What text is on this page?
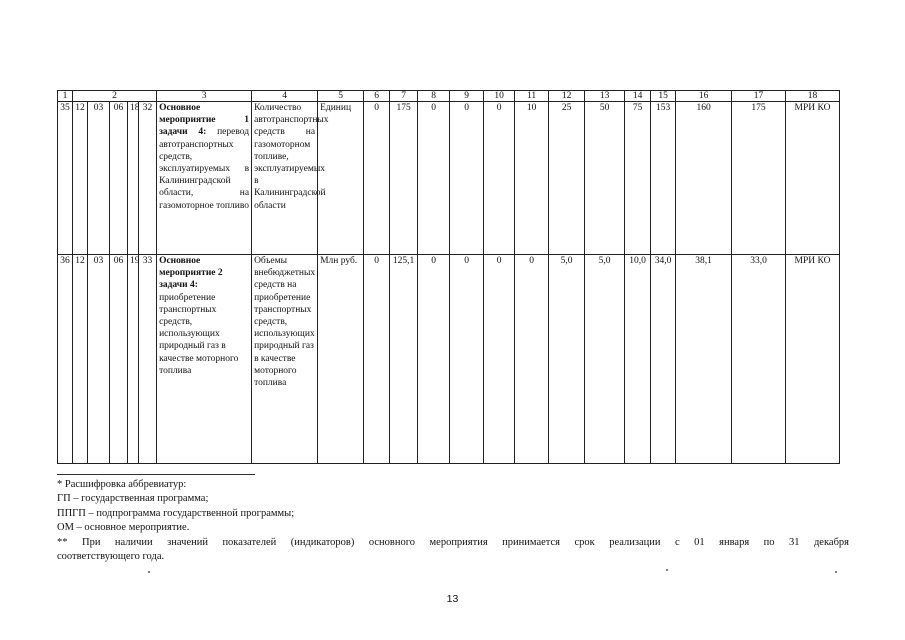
1	2					3	4	5	6	7	8	9	10	11	12	13	14	15	16	17	18
35	12	03	06	18	32	Основное мероприятие 1 задачи 4: перевод автотранспортных средств, эксплуатируемых в Калининградской области, на газомоторное топливо	Количество автотранспортных средств на газомоторном топливе, эксплуатируемых в Калининградской области	Единиц	0	175	0	0	0	10	25	50	75	153	160	175	МРИ КО
36	12	03	06	19	33	Основное мероприятие 2 задачи 4: приобретение транспортных средств, использующих природный газ в качестве моторного топлива	Объемы внебюджетных средств на приобретение транспортных средств, использующих природный газ в качестве моторного топлива	Млн руб.	0	125,1	0	0	0	0	5,0	5,0	10,0	34,0	38,1	33,0	МРИ КО
* Расшифровка аббревиатур:
ГП – государственная программа;
ППГП – подпрограмма государственной программы;
ОМ – основное мероприятие.
** При наличии значений показателей (индикаторов) основного мероприятия принимается срок реализации с 01 января по 31 декабря
соответствующего года.
13
